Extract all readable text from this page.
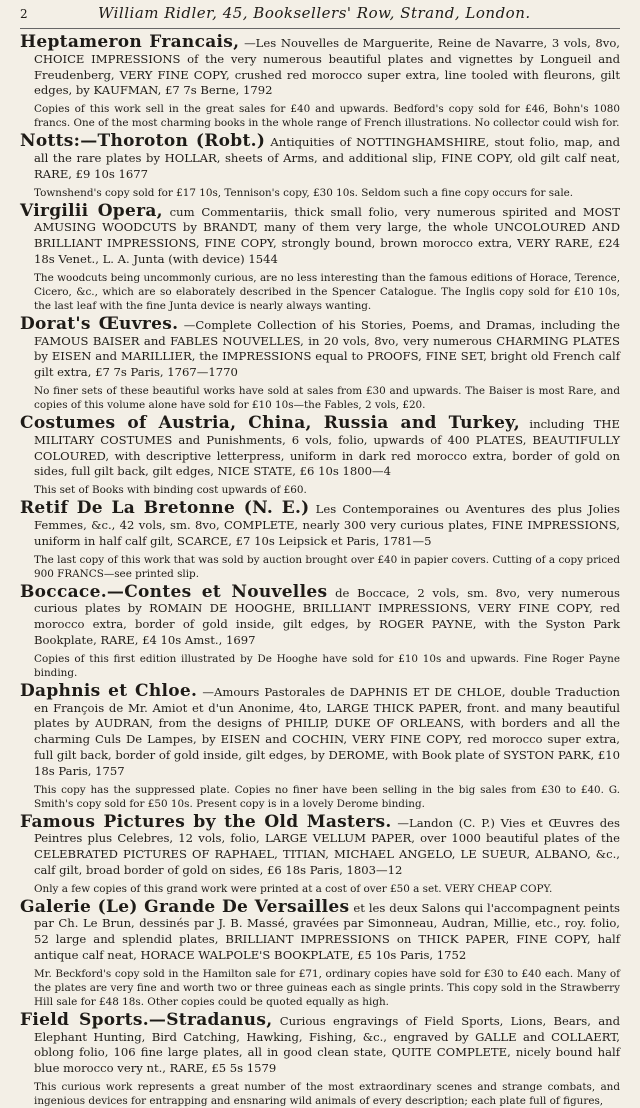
2	William Ridler, 45, Booksellers' Row, Strand, London.

Heptameron Francais, —Les Nouvelles de Marguerite, Reine de Navarre, 3 vols, 8vo, CHOICE IMPRESSIONS of the very numerous beautiful plates and vignettes by Longueil and Freudenberg, VERY FINE COPY, crushed red morocco super extra, line tooled with fleurons, gilt edges, by KAUFMAN, £7 7s Berne, 1792

Copies of this work sell in the great sales for £40 and upwards. Bedford's copy sold for £46, Bohn's 1080 francs. One of the most charming books in the whole range of French illustrations. No collector could wish for.

Notts:—Thoroton (Robt.) Antiquities of NOTTINGHAMSHIRE, stout folio, map, and all the rare plates by HOLLAR, sheets of Arms, and additional slip, FINE COPY, old gilt calf neat, RARE, £9 10s 1677

Townshend's copy sold for £17 10s, Tennison's copy, £30 10s. Seldom such a fine copy occurs for sale.

Virgilii Opera, cum Commentariis, thick small folio, very numerous spirited and MOST AMUSING WOODCUTS by BRANDT, many of them very large, the whole UNCOLOURED AND BRILLIANT IMPRESSIONS, FINE COPY, strongly bound, brown morocco extra, VERY RARE, £24 18s Venet., L. A. Junta (with device) 1544

The woodcuts being uncommonly curious, are no less interesting than the famous editions of Horace, Terence, Cicero, &c., which are so elaborately described in the Spencer Catalogue. The Inglis copy sold for £10 10s, the last leaf with the fine Junta device is nearly always wanting.

Dorat's Œuvres. —Complete Collection of his Stories, Poems, and Dramas, including the FAMOUS BAISER and FABLES NOUVELLES, in 20 vols, 8vo, very numerous CHARMING PLATES by EISEN and MARILLIER, the IMPRESSIONS equal to PROOFS, FINE SET, bright old French calf gilt extra, £7 7s Paris, 1767—1770

No finer sets of these beautiful works have sold at sales from £30 and upwards. The Baiser is most Rare, and copies of this volume alone have sold for £10 10s—the Fables, 2 vols, £20.

Costumes of Austria, China, Russia and Turkey, including THE MILITARY COSTUMES and Punishments, 6 vols, folio, upwards of 400 PLATES, BEAUTIFULLY COLOURED, with descriptive letterpress, uniform in dark red morocco extra, border of gold on sides, full gilt back, gilt edges, NICE STATE, £6 10s 1800—4

This set of Books with binding cost upwards of £60.

Retif De La Bretonne (N. E.) Les Contemporaines ou Aventures des plus Jolies Femmes, &c., 42 vols, sm. 8vo, COMPLETE, nearly 300 very curious plates, FINE IMPRESSIONS, uniform in half calf gilt, SCARCE, £7 10s Leipsick et Paris, 1781—5

The last copy of this work that was sold by auction brought over £40 in papier covers. Cutting of a copy priced 900 FRANCS—see printed slip.

Boccace.—Contes et Nouvelles de Boccace, 2 vols, sm. 8vo, very numerous curious plates by ROMAIN DE HOOGHE, BRILLIANT IMPRESSIONS, VERY FINE COPY, red morocco extra, border of gold inside, gilt edges, by ROGER PAYNE, with the Syston Park Bookplate, RARE, £4 10s Amst., 1697

Copies of this first edition illustrated by De Hooghe have sold for £10 10s and upwards. Fine Roger Payne binding.

Daphnis et Chloe. —Amours Pastorales de DAPHNIS ET DE CHLOE, double Traduction en François de Mr. Amiot et d'un Anonime, 4to, LARGE THICK PAPER, front. and many beautiful plates by AUDRAN, from the designs of PHILIP, DUKE OF ORLEANS, with borders and all the charming Culs De Lampes, by EISEN and COCHIN, VERY FINE COPY, red morocco super extra, full gilt back, border of gold inside, gilt edges, by DEROME, with Book plate of SYSTON PARK, £10 18s Paris, 1757

This copy has the suppressed plate. Copies no finer have been selling in the big sales from £30 to £40. G. Smith's copy sold for £50 10s. Present copy is in a lovely Derome binding.

Famous Pictures by the Old Masters. —Landon (C. P.) Vies et Œuvres des Peintres plus Celebres, 12 vols, folio, LARGE VELLUM PAPER, over 1000 beautiful plates of the CELEBRATED PICTURES OF RAPHAEL, TITIAN, MICHAEL ANGELO, LE SUEUR, ALBANO, &c., calf gilt, broad border of gold on sides, £6 18s Paris, 1803—12

Only a few copies of this grand work were printed at a cost of over £50 a set. VERY CHEAP COPY.

Galerie (Le) Grande De Versailles et les deux Salons qui l'accompagnent peints par Ch. Le Brun, dessinés par J. B. Massé, gravées par Simonneau, Audran, Millie, etc., roy. folio, 52 large and splendid plates, BRILLIANT IMPRESSIONS on THICK PAPER, FINE COPY, half antique calf neat, HORACE WALPOLE'S BOOKPLATE, £5 10s Paris, 1752

Mr. Beckford's copy sold in the Hamilton sale for £71, ordinary copies have sold for £30 to £40 each. Many of the plates are very fine and worth two or three guineas each as single prints. This copy sold in the Strawberry Hill sale for £48 18s. Other copies could be quoted equally as high.

Field Sports.—Stradanus, Curious engravings of Field Sports, Lions, Bears, and Elephant Hunting, Bird Catching, Hawking, Fishing, &c., engraved by GALLE and COLLAERT, oblong folio, 106 fine large plates, all in good clean state, QUITE COMPLETE, nicely bound half blue morocco very nt., RARE, £5 5s 1579

This curious work represents a great number of the most extraordinary scenes and strange combats, and ingenious devices for entrapping and ensnaring wild animals of every description; each plate full of figures,
